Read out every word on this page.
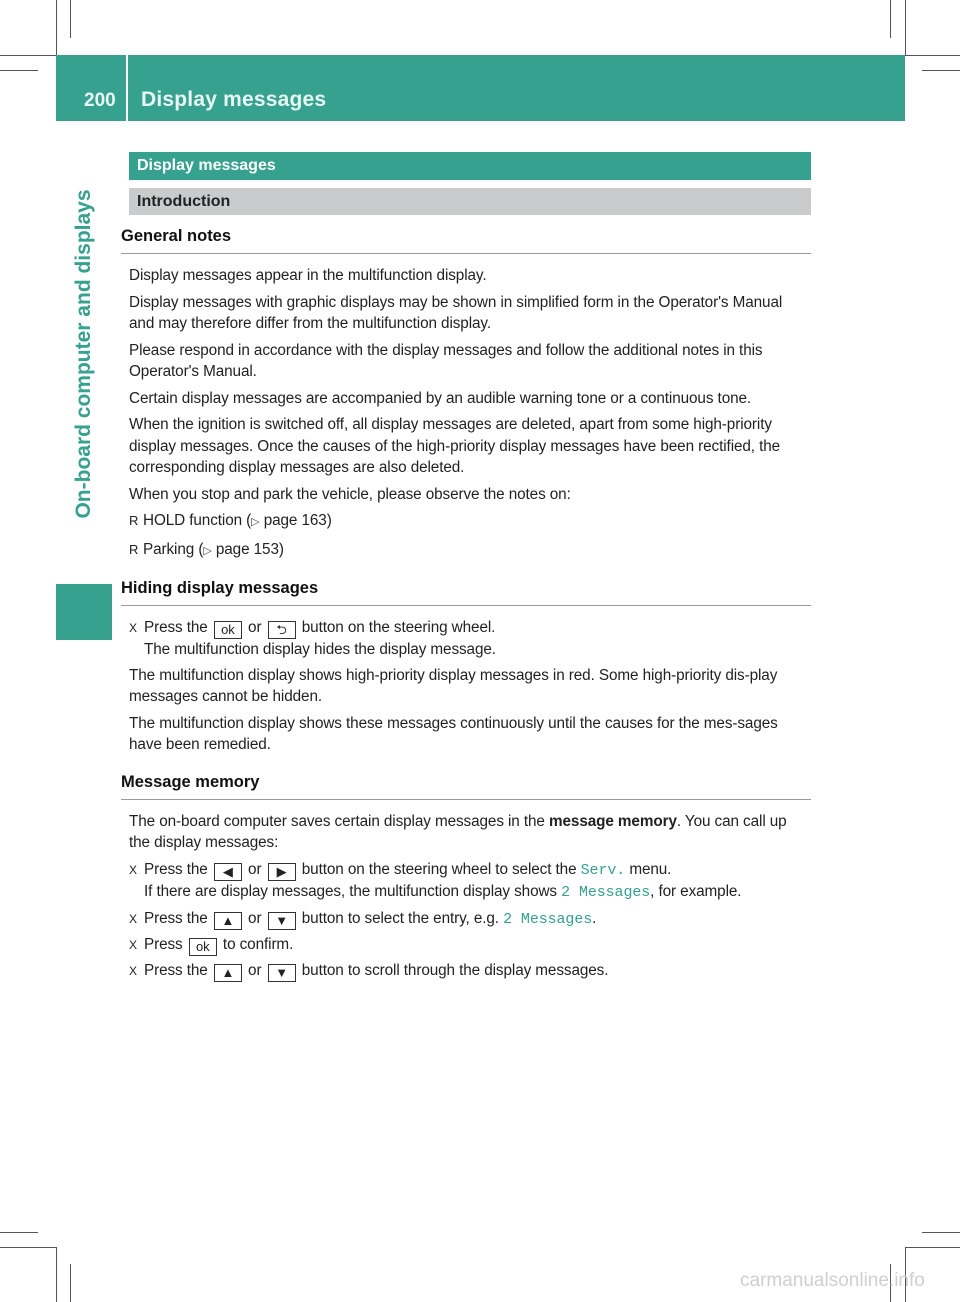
200	Display messages
On-board computer and displays
Display messages
Introduction
General notes

Display messages appear in the multifunction display.

Display messages with graphic displays may be shown in simplified form in the Operator's Manual and may therefore differ from the multifunction display.

Please respond in accordance with the display messages and follow the additional notes in this Operator's Manual.

Certain display messages are accompanied by an audible warning tone or a continuous tone.

When the ignition is switched off, all display messages are deleted, apart from some high-priority display messages. Once the causes of the high-priority display messages have been rectified, the corresponding display messages are also deleted.

When you stop and park the vehicle, please observe the notes on:

R HOLD function (▷ page 163)

R Parking (▷ page 153)

Hiding display messages

X Press the ok or ⮌ button on the steering wheel.
The multifunction display hides the display message.

The multifunction display shows high-priority display messages in red. Some high-priority dis-play messages cannot be hidden.

The multifunction display shows these messages continuously until the causes for the mes-sages have been remedied.

Message memory

The on-board computer saves certain display messages in the message memory. You can call up the display messages:

X Press the ◀ or ▶ button on the steering wheel to select the Serv. menu.
If there are display messages, the multifunction display shows 2 Messages, for example.

X Press the ▲ or ▼ button to select the entry, e.g. 2 Messages.

X Press ok to confirm.

X Press the ▲ or ▼ button to scroll through the display messages.

carmanualsonline.info
